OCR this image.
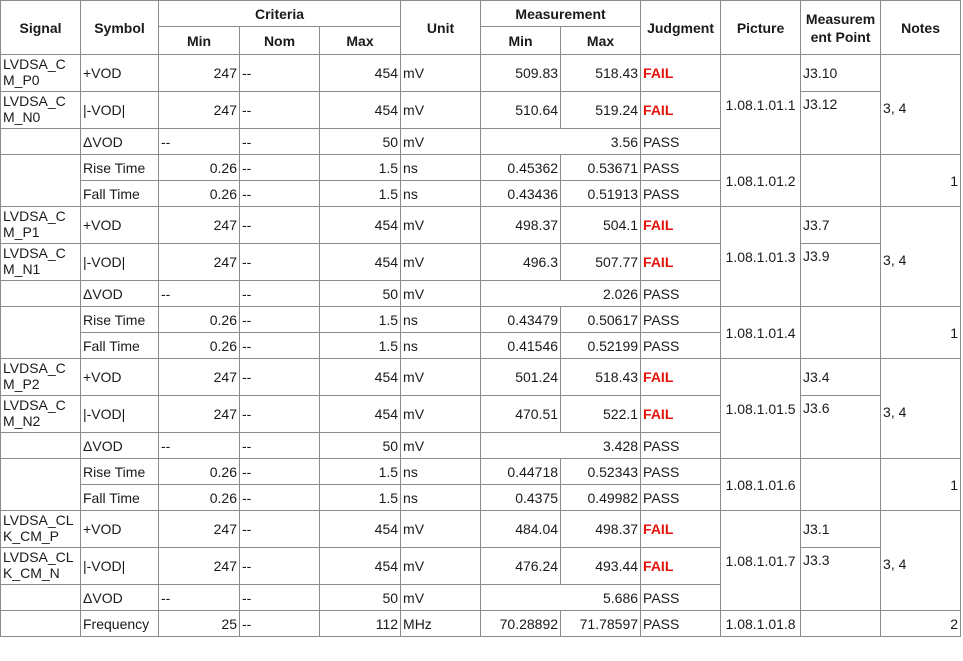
Signal	Symbol	Criteria			Unit	Measurement		Judgment	Picture	Measurem ent Point	Notes
		Min	Nom	Max		Min	Max				
LVDSA_C M_P0	+VOD	247	--	454	mV	509.83	518.43	FAIL	1.08.1.01.1	J3.10	3, 4
LVDSA_C M_N0	|-VOD|	247	--	454	mV	510.64	519.24	FAIL		J3.12	
	ΔVOD	--	--	50	mV	3.56		PASS			
	Rise Time	0.26	--	1.5	ns	0.45362	0.53671	PASS	1.08.1.01.2		1
	Fall Time	0.26	--	1.5	ns	0.43436	0.51913	PASS			
LVDSA_C M_P1	+VOD	247	--	454	mV	498.37	504.1	FAIL	1.08.1.01.3	J3.7	3, 4
LVDSA_C M_N1	|-VOD|	247	--	454	mV	496.3	507.77	FAIL		J3.9	
	ΔVOD	--	--	50	mV	2.026		PASS			
	Rise Time	0.26	--	1.5	ns	0.43479	0.50617	PASS	1.08.1.01.4		1
	Fall Time	0.26	--	1.5	ns	0.41546	0.52199	PASS			
LVDSA_C M_P2	+VOD	247	--	454	mV	501.24	518.43	FAIL	1.08.1.01.5	J3.4	3, 4
LVDSA_C M_N2	|-VOD|	247	--	454	mV	470.51	522.1	FAIL		J3.6	
	ΔVOD	--	--	50	mV	3.428		PASS			
	Rise Time	0.26	--	1.5	ns	0.44718	0.52343	PASS	1.08.1.01.6		1
	Fall Time	0.26	--	1.5	ns	0.4375	0.49982	PASS			
LVDSA_CL K_CM_P	+VOD	247	--	454	mV	484.04	498.37	FAIL	1.08.1.01.7	J3.1	3, 4
LVDSA_CL K_CM_N	|-VOD|	247	--	454	mV	476.24	493.44	FAIL		J3.3	
	ΔVOD	--	--	50	mV	5.686		PASS			
	Frequency	25	--	112	MHz	70.28892	71.78597	PASS	1.08.1.01.8		2
